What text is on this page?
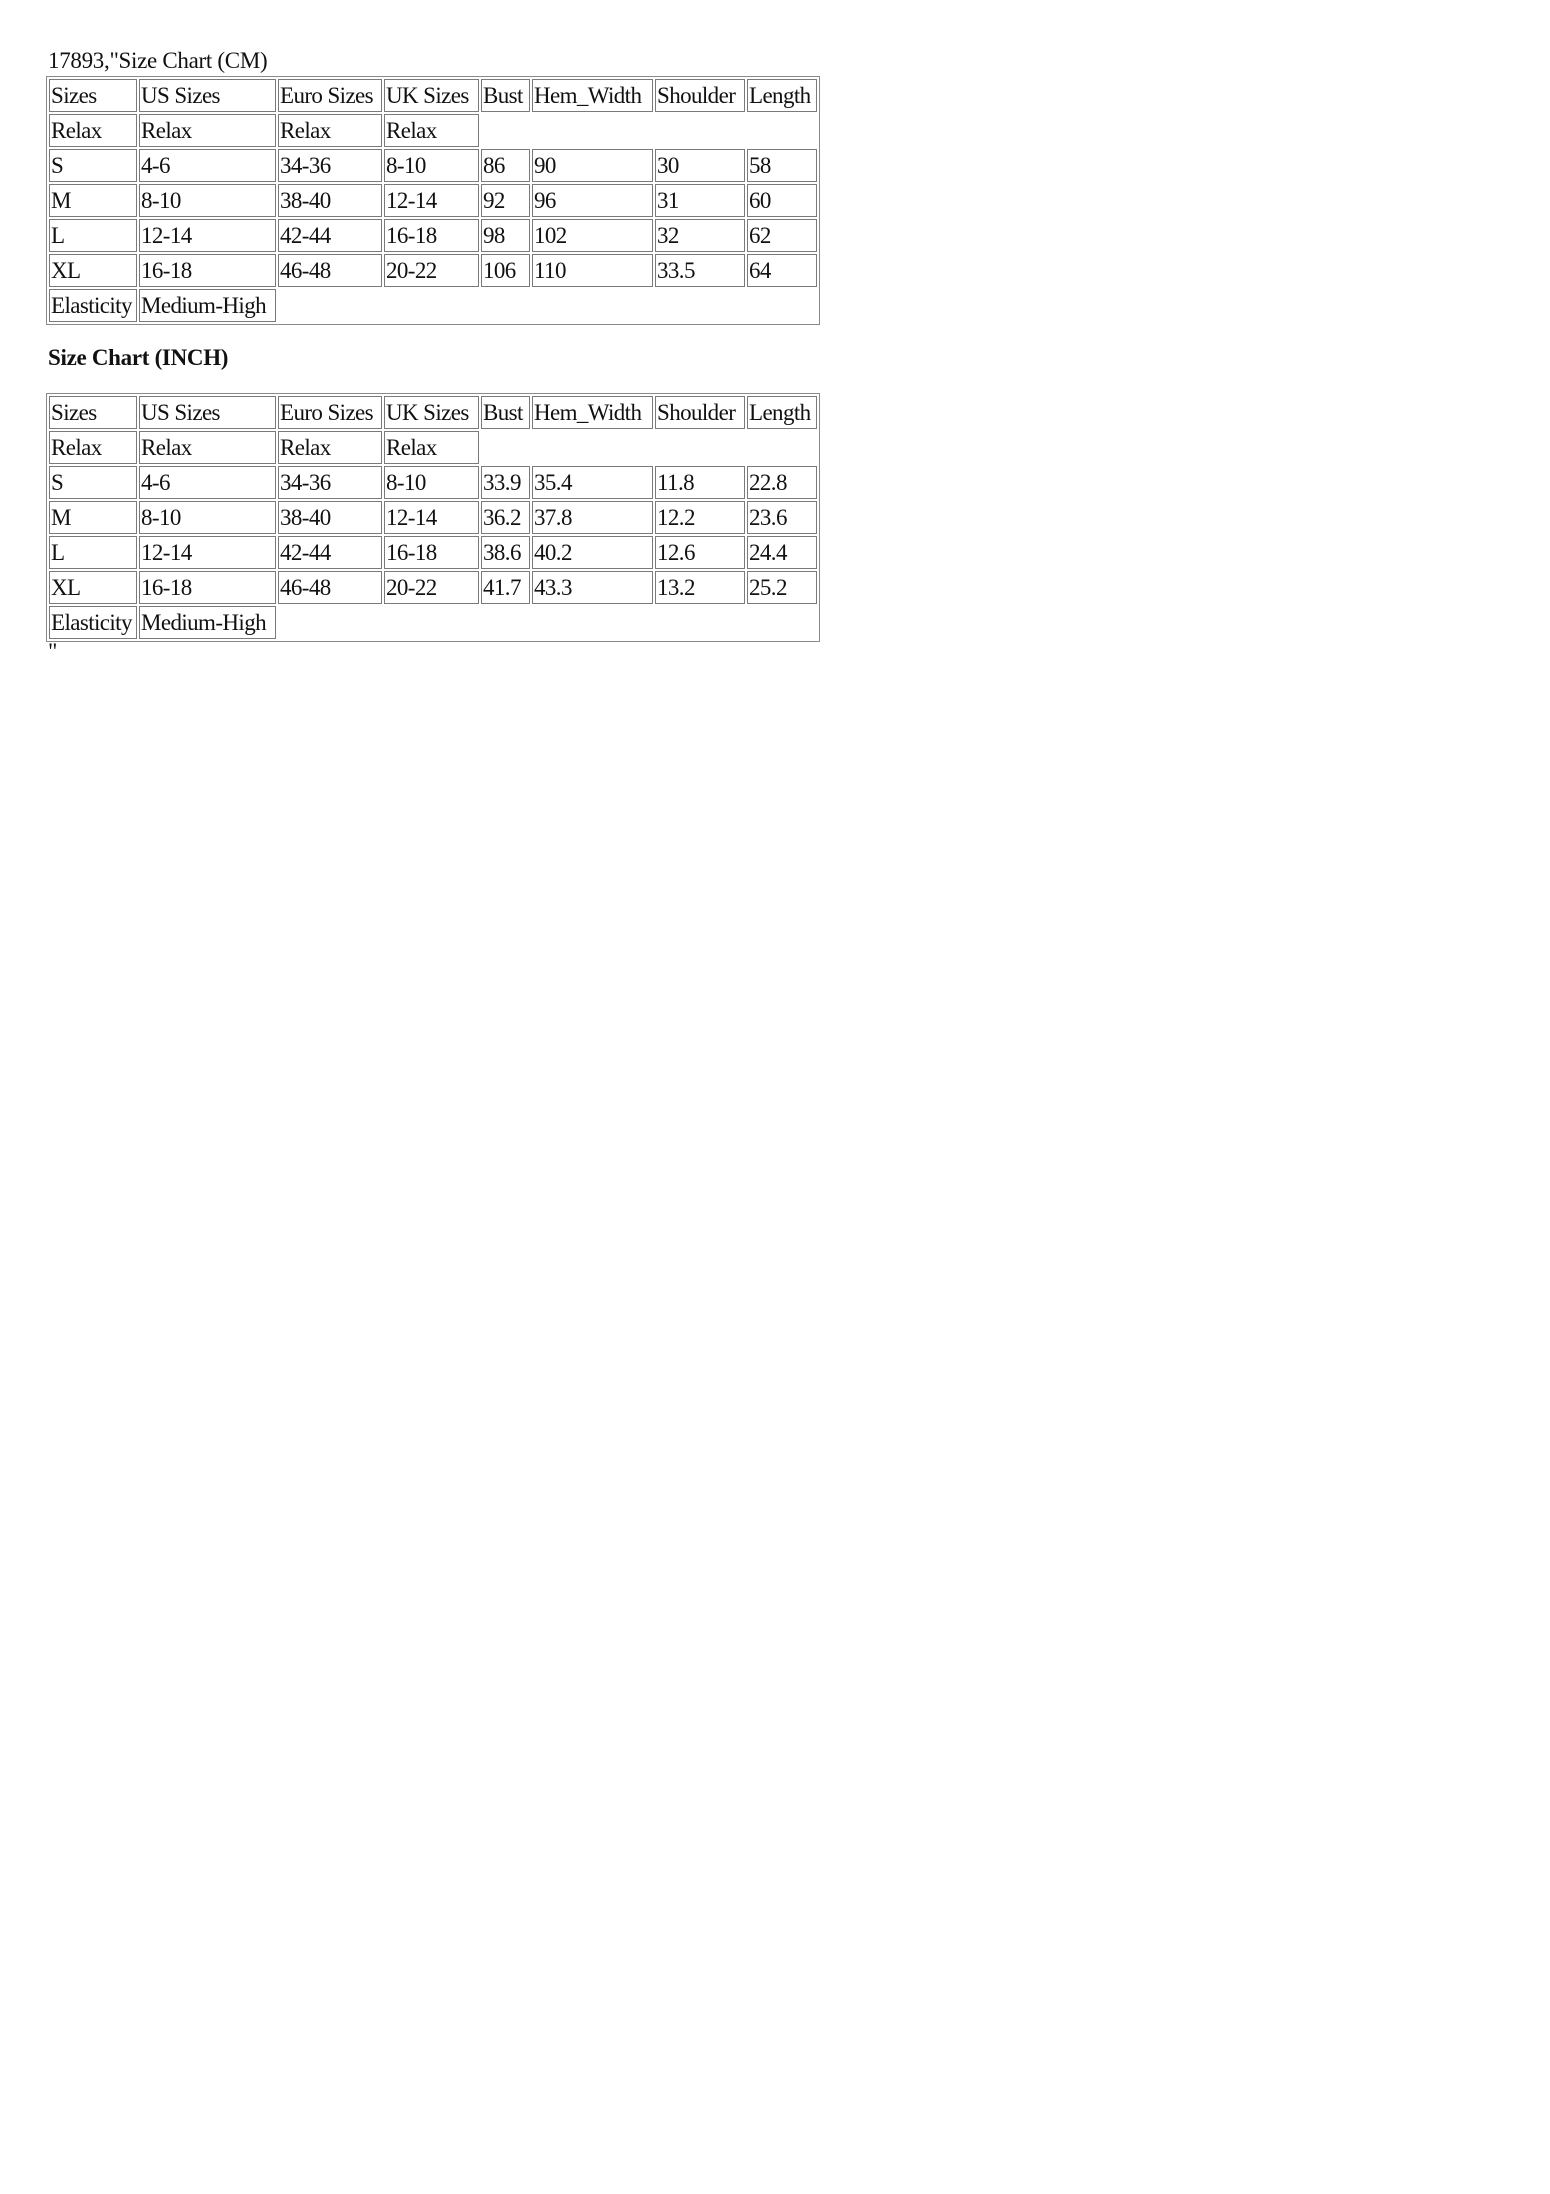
17893,"Size Chart (CM)
Sizes	US Sizes	Euro Sizes	UK Sizes	Bust	Hem_Width	Shoulder	Length
Relax	Relax	Relax	Relax				
S	4-6	34-36	8-10	86	90	30	58
M	8-10	38-40	12-14	92	96	31	60
L	12-14	42-44	16-18	98	102	32	62
XL	16-18	46-48	20-22	106	110	33.5	64
Elasticity	Medium-High						
Size Chart (INCH)
Sizes	US Sizes	Euro Sizes	UK Sizes	Bust	Hem_Width	Shoulder	Length
Relax	Relax	Relax	Relax				
S	4-6	34-36	8-10	33.9	35.4	11.8	22.8
M	8-10	38-40	12-14	36.2	37.8	12.2	23.6
L	12-14	42-44	16-18	38.6	40.2	12.6	24.4
XL	16-18	46-48	20-22	41.7	43.3	13.2	25.2
Elasticity	Medium-High						
"
